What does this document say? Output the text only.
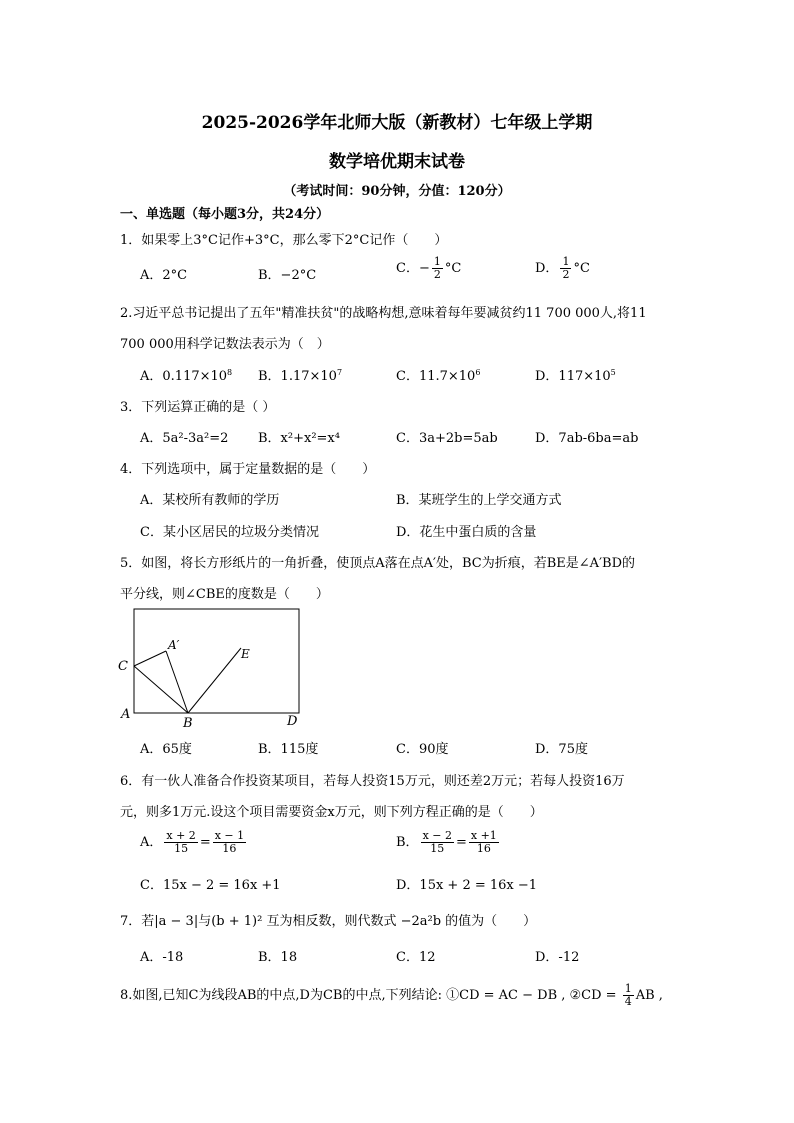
2025-2026学年北师大版（新教材）七年级上学期
数学培优期末试卷
（考试时间：90分钟，分值：120分）
一、单选题（每小题3分，共24分）
1．如果零上3°C记作+3°C，那么零下2°C记作（　　）
A．2°C	B．−2°C	C．− $\frac{1}{2} ^\circ C$	D． $\frac{1}{2} ^\circ C$
2.习近平总书记提出了五年"精准扶贫"的战略构想,意味着每年要减贫约11 700 000人,将11
700 000用科学记数法表示为（　）
A．$0.117\times 10^8$ B．$1.17\times 10^7$	C．$11.7\times 10^6$	D．$117\times 10^5$
3．下列运算正确的是（ ）
A．5a²-3a²=2 B．x²+x²=x⁴	C．3a+2b=5ab	D．7ab-6ba=ab
4．下列选项中，属于定量数据的是（　　）
A．某校所有教师的学历	B．某班学生的上学交通方式
C．某小区居民的垃圾分类情况	D．花生中蛋白质的含量
5．如图，将长方形纸片的一角折叠，使顶点A落在点A′处，BC为折痕，若BE是∠A′BD的
平分线，则∠CBE的度数是（　　）
C
A
A′
B	D
E
A．65度	B．115度	C．90度	D．75度
6．有一伙人准备合作投资某项目，若每人投资15万元，则还差2万元；若每人投资16万
元，则多1万元.设这个项目需要资金x万元，则下列方程正确的是（　　）
A． $\frac{x + 2}{15} = \frac{x - 1}{16}$	B． $\frac{x - 2}{15} = \frac{x +1}{16}$
C．15x − 2 = 16x +1	D．15x + 2 = 16x −1
7．若|a − 3|与(b + 1)² 互为相反数，则代数式 −2a²b 的值为（　　）
A．-18	B．18	C．12	D．-12
8.如图,已知C为线段AB的中点,D为CB的中点,下列结论: ①CD = AC − DB , ②CD = $\frac{1}{4}$ AB ,
